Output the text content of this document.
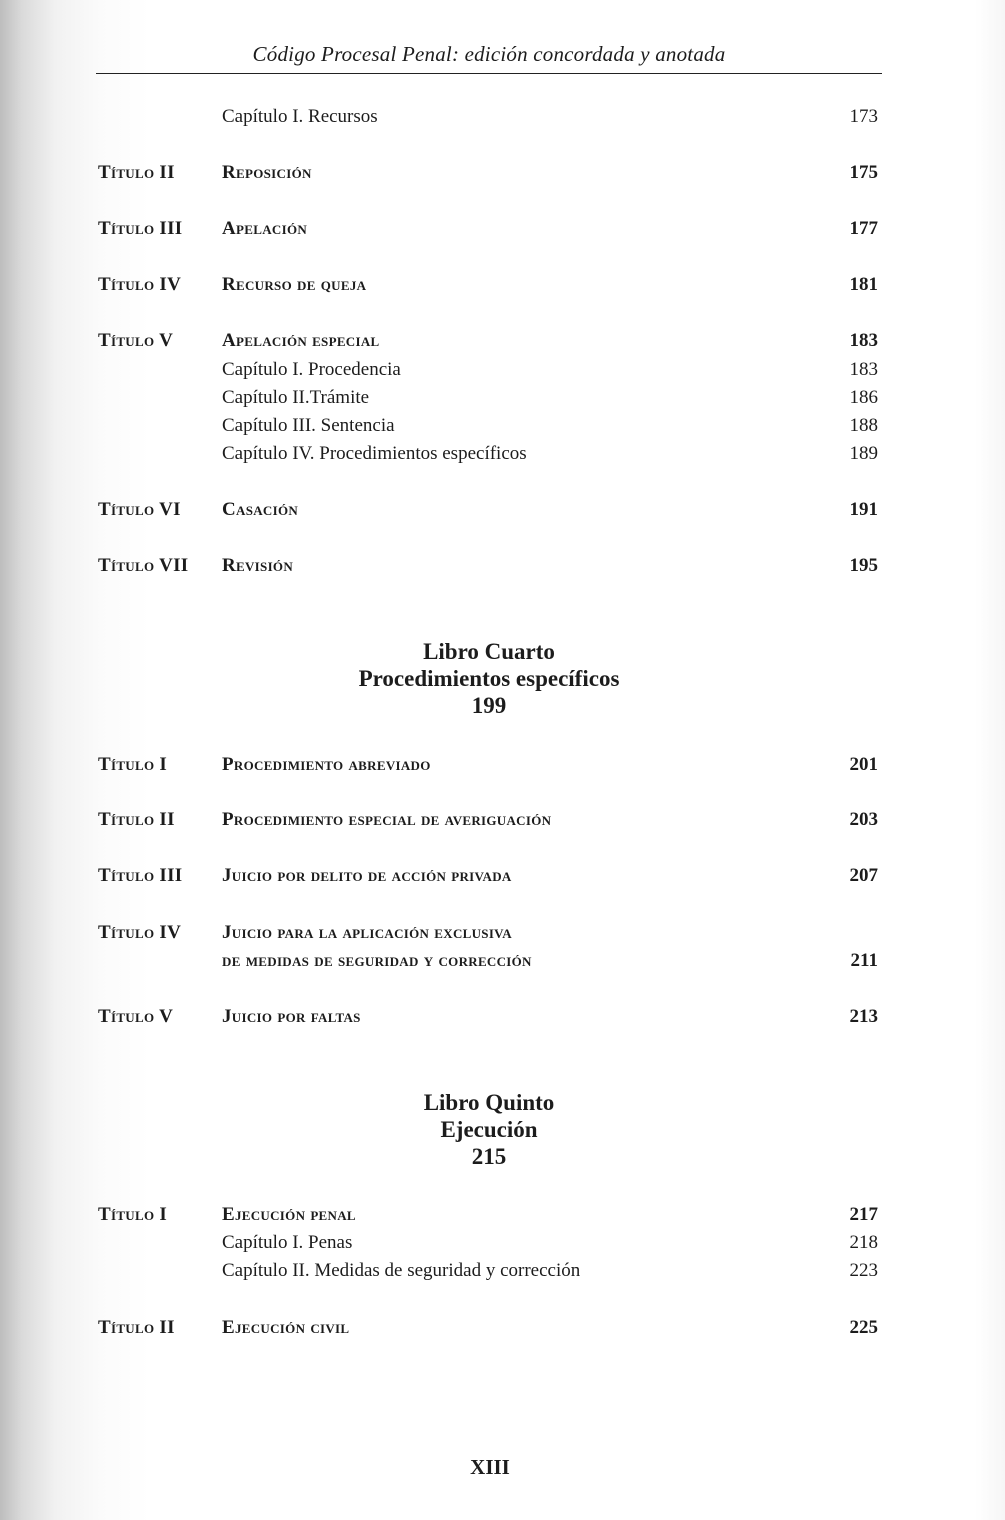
Código Procesal Penal: edición concordada y anotada
Capítulo I. Recursos	173
Título II Reposición	175
Título III Apelación	177
Título IV Recurso de queja	181
Título V	Apelación especial	183
Capítulo I. Procedencia	183
Capítulo II.Trámite	186
Capítulo III. Sentencia	188
Capítulo IV. Procedimientos específicos	189
Título VI Casación	191
Título VII Revisión	195
Libro Cuarto
Procedimientos específicos
199
Título I	Procedimiento abreviado	201
Título II Procedimiento especial de averiguación	203
Título III Juicio por delito de acción privada	207
Título IV Juicio para la aplicación exclusiva
de medidas de seguridad y corrección	211
Título V	Juicio por faltas	213
Libro Quinto
Ejecución
215
Título I	Ejecución penal	217
Capítulo I. Penas	218
Capítulo II. Medidas de seguridad y corrección	223
Título II Ejecución civil	225
XIII
